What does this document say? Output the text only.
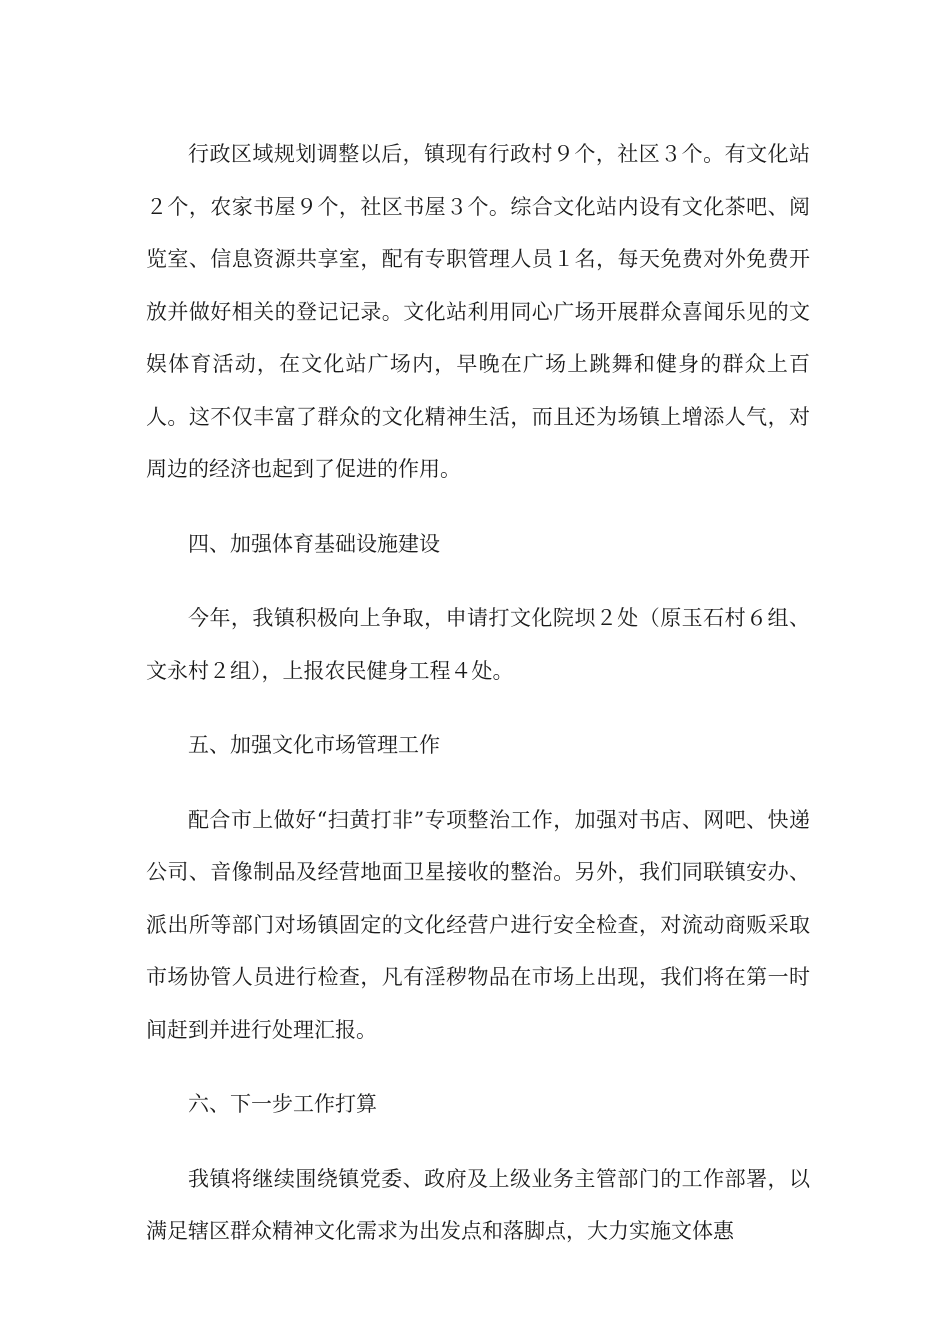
行政区域规划调整以后，镇现有行政村９个，社区３个。有文化站２个，农家书屋９个，社区书屋３个。综合文化站内设有文化茶吧、阅览室、信息资源共享室，配有专职管理人员１名，每天免费对外免费开放并做好相关的登记记录。文化站利用同心广场开展群众喜闻乐见的文娱体育活动，在文化站广场内，早晚在广场上跳舞和健身的群众上百人。这不仅丰富了群众的文化精神生活，而且还为场镇上增添人气，对周边的经济也起到了促进的作用。

四、加强体育基础设施建设

今年，我镇积极向上争取，申请打文化院坝２处（原玉石村６组、文永村２组），上报农民健身工程４处。

五、加强文化市场管理工作

配合市上做好“扫黄打非”专项整治工作，加强对书店、网吧、快递公司、音像制品及经营地面卫星接收的整治。另外，我们同联镇安办、派出所等部门对场镇固定的文化经营户进行安全检查，对流动商贩采取市场协管人员进行检查，凡有淫秽物品在市场上出现，我们将在第一时间赶到并进行处理汇报。

六、下一步工作打算

我镇将继续围绕镇党委、政府及上级业务主管部门的工作部署，以满足辖区群众精神文化需求为出发点和落脚点，大力实施文体惠
